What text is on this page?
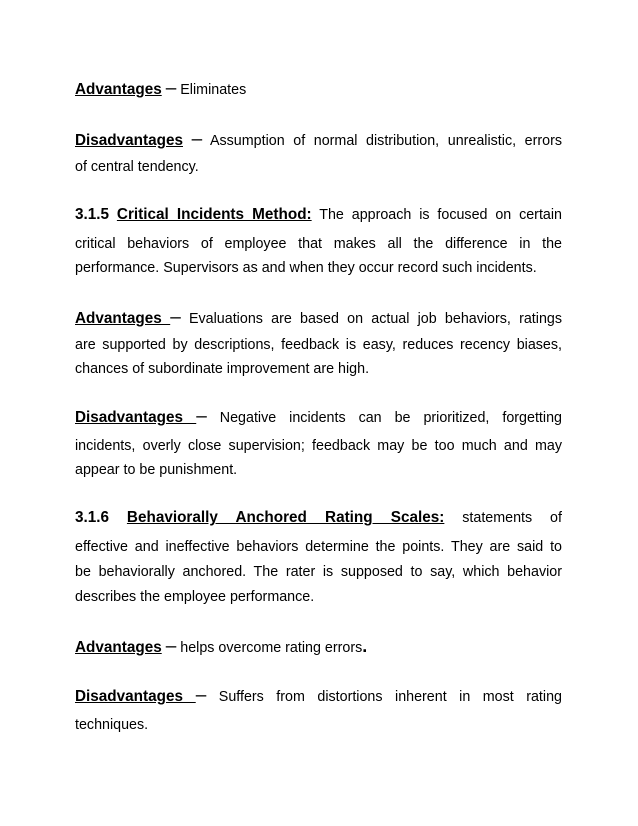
Advantages – Eliminates
Disadvantages – Assumption of normal distribution, unrealistic, errors
of central tendency.
3.1.5 Critical Incidents Method: The approach is focused on certain
critical behaviors of employee that makes all the difference in the
performance. Supervisors as and when they occur record such incidents.
Advantages – Evaluations are based on actual job behaviors, ratings
are supported by descriptions, feedback is easy, reduces recency biases,
chances of subordinate improvement are high.
Disadvantages – Negative incidents can be prioritized, forgetting
incidents, overly close supervision; feedback may be too much and may
appear to be punishment.
3.1.6 Behaviorally Anchored Rating Scales: statements of
effective and ineffective behaviors determine the points. They are said to
be behaviorally anchored. The rater is supposed to say, which behavior
describes the employee performance.
Advantages – helps overcome rating errors.
Disadvantages – Suffers from distortions inherent in most rating
techniques.
